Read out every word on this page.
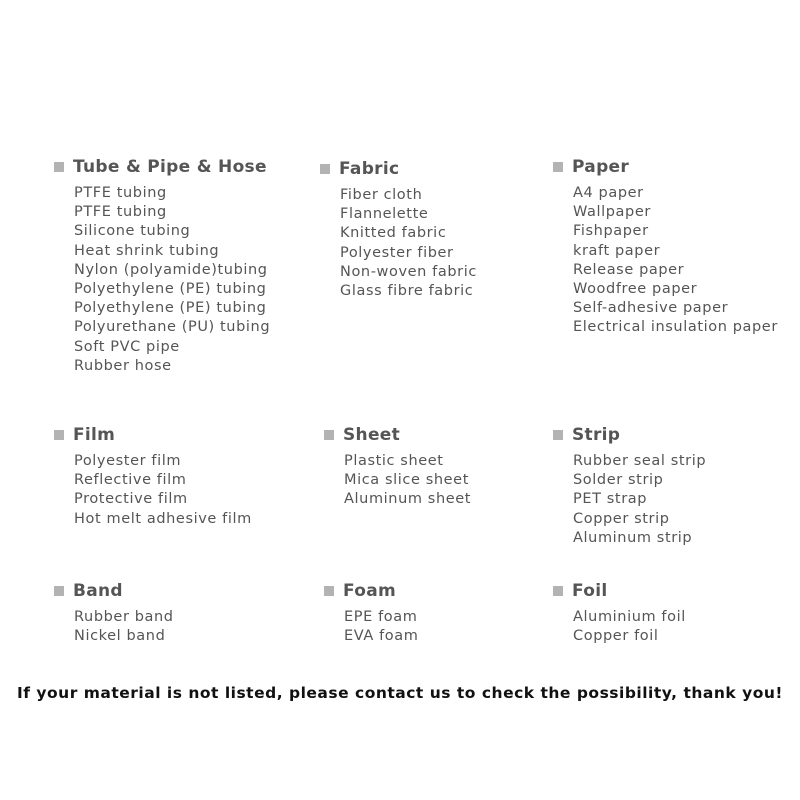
Tube & Pipe & Hose
PTFE tubing
PTFE tubing
Silicone tubing
Heat shrink tubing
Nylon (polyamide)tubing
Polyethylene (PE) tubing
Polyethylene (PE) tubing
Polyurethane (PU) tubing
Soft PVC pipe
Rubber hose
Fabric
Fiber cloth
Flannelette
Knitted fabric
Polyester fiber
Non-woven fabric
Glass fibre fabric
Paper
A4 paper
Wallpaper
Fishpaper
kraft paper
Release paper
Woodfree paper
Self-adhesive paper
Electrical insulation paper
Film
Polyester film
Reflective film
Protective film
Hot melt adhesive film
Sheet
Plastic sheet
Mica slice sheet
Aluminum sheet
Strip
Rubber seal strip
Solder strip
PET strap
Copper strip
Aluminum strip
Band
Rubber band
Nickel band
Foam
EPE foam
EVA foam
Foil
Aluminium foil
Copper foil
If your material is not listed, please contact us to check the possibility, thank you!
